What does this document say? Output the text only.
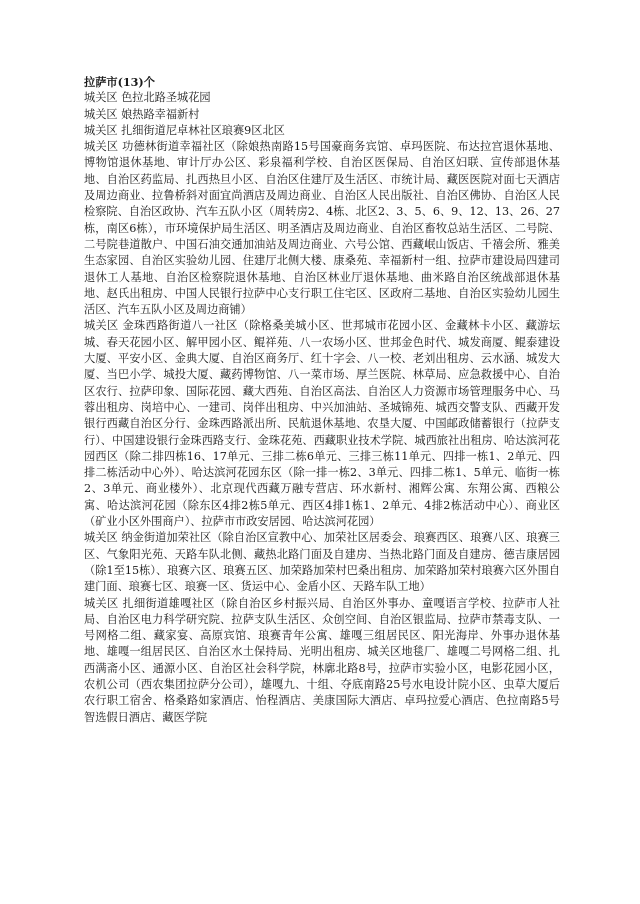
拉萨市(13)个

城关区 色拉北路圣城花园

城关区 娘热路幸福新村

城关区 扎细街道尼卓林社区琅赛9区北区

城关区 功德林街道幸福社区（除娘热南路15号国豪商务宾馆、卓玛医院、布达拉宫退休基地、博物馆退休基地、审计厅办公区、彩泉福利学校、自治区医保局、自治区妇联、宣传部退休基地、自治区药监局、扎西热旦小区、自治区住建厅及生活区、市统计局、藏医医院对面七天酒店及周边商业、拉鲁桥斜对面宜尚酒店及周边商业、自治区人民出版社、自治区佛协、自治区人民检察院、自治区政协、汽车五队小区（周转房2、4栋、北区2、3、5、6、9、12、13、26、27栋，南区6栋），市环境保护局生活区、明圣酒店及周边商业、自治区畜牧总站生活区、二号院、二号院巷道散户、中国石油交通加油站及周边商业、六号公馆、西藏岷山饭店、千禧会所、雅美生态家园、自治区实验幼儿园、住建厅北侧大楼、康桑苑、幸福新村一组、拉萨市建设局四建司退休工人基地、自治区检察院退休基地、自治区林业厅退休基地、曲米路自治区统战部退休基地、赵氏出租房、中国人民银行拉萨中心支行职工住宅区、区政府二基地、自治区实验幼儿园生活区、汽车五队小区及周边商铺）

城关区 金珠西路街道八一社区（除格桑美城小区、世邦城市花园小区、金藏林卡小区、藏游坛城、春天花园小区、解甲园小区、鲲祥苑、八一农场小区、世邦金色时代、城发商厦、鲲泰建设大厦、平安小区、金典大厦、自治区商务厅、红十字会、八一校、老刘出租房、云水涵、城发大厦、当巴小学、城投大厦、藏药博物馆、八一菜市场、厚兰医院、林草局、应急救援中心、自治区农行、拉萨印象、国际花园、藏大西苑、自治区高法、自治区人力资源市场管理服务中心、马蓉出租房、岗培中心、一建司、岗伴出租房、中兴加油站、圣城锦苑、城西交警支队、西藏开发银行西藏自治区分行、金珠西路派出所、民航退休基地、农垦大厦、中国邮政储蓄银行（拉萨支行）、中国建设银行金珠西路支行、金珠花苑、西藏职业技术学院、城西旅社出租房、哈达滨河花园西区（除二排四栋16、17单元、三排二栋6单元、三排三栋11单元、四排一栋1、2单元、四排二栋活动中心外）、哈达滨河花园东区（除一排一栋2、3单元、四排二栋1、5单元、临街一栋2、3单元、商业楼外）、北京现代西藏万融专营店、环水新村、湘辉公寓、东翔公寓、西粮公寓、哈达滨河花园（除东区4排2栋5单元、西区4排1栋1、2单元、4排2栋活动中心）、商业区（矿业小区外围商户）、拉萨市市政安居园、哈达滨河花园）

城关区 纳金街道加荣社区（除自治区宣教中心、加荣社区居委会、琅赛西区、琅赛八区、琅赛三区、气象阳光苑、天路车队北侧、藏热北路门面及自建房、当热北路门面及自建房、德吉康居园（除1至15栋）、琅赛六区、琅赛五区、加荣路加荣村巴桑出租房、加荣路加荣村琅赛六区外围自建门面、琅赛七区、琅赛一区、货运中心、金盾小区、天路车队工地）

城关区 扎细街道雄嘎社区（除自治区乡村振兴局、自治区外事办、童嘎语言学校、拉萨市人社局、自治区电力科学研究院、拉萨支队生活区、众创空间、自治区银监局、拉萨市禁毒支队、一号网格二组、藏家宴、高原宾馆、琅赛青年公寓、雄嘎三组居民区、阳光海岸、外事办退休基地、雄嘎一组居民区、自治区水土保持局、光明出租房、城关区地毯厂、雄嘎二号网格二组、扎西满斋小区、通源小区、自治区社会科学院，林廓北路8号，拉萨市实验小区，电影花园小区，农机公司（西农集团拉萨分公司），雄嘎九、十组、夺底南路25号水电设计院小区、虫草大厦后农行职工宿舍、格桑路如家酒店、怡程酒店、美康国际大酒店、卓玛拉爱心酒店、色拉南路5号智选假日酒店、藏医学院
